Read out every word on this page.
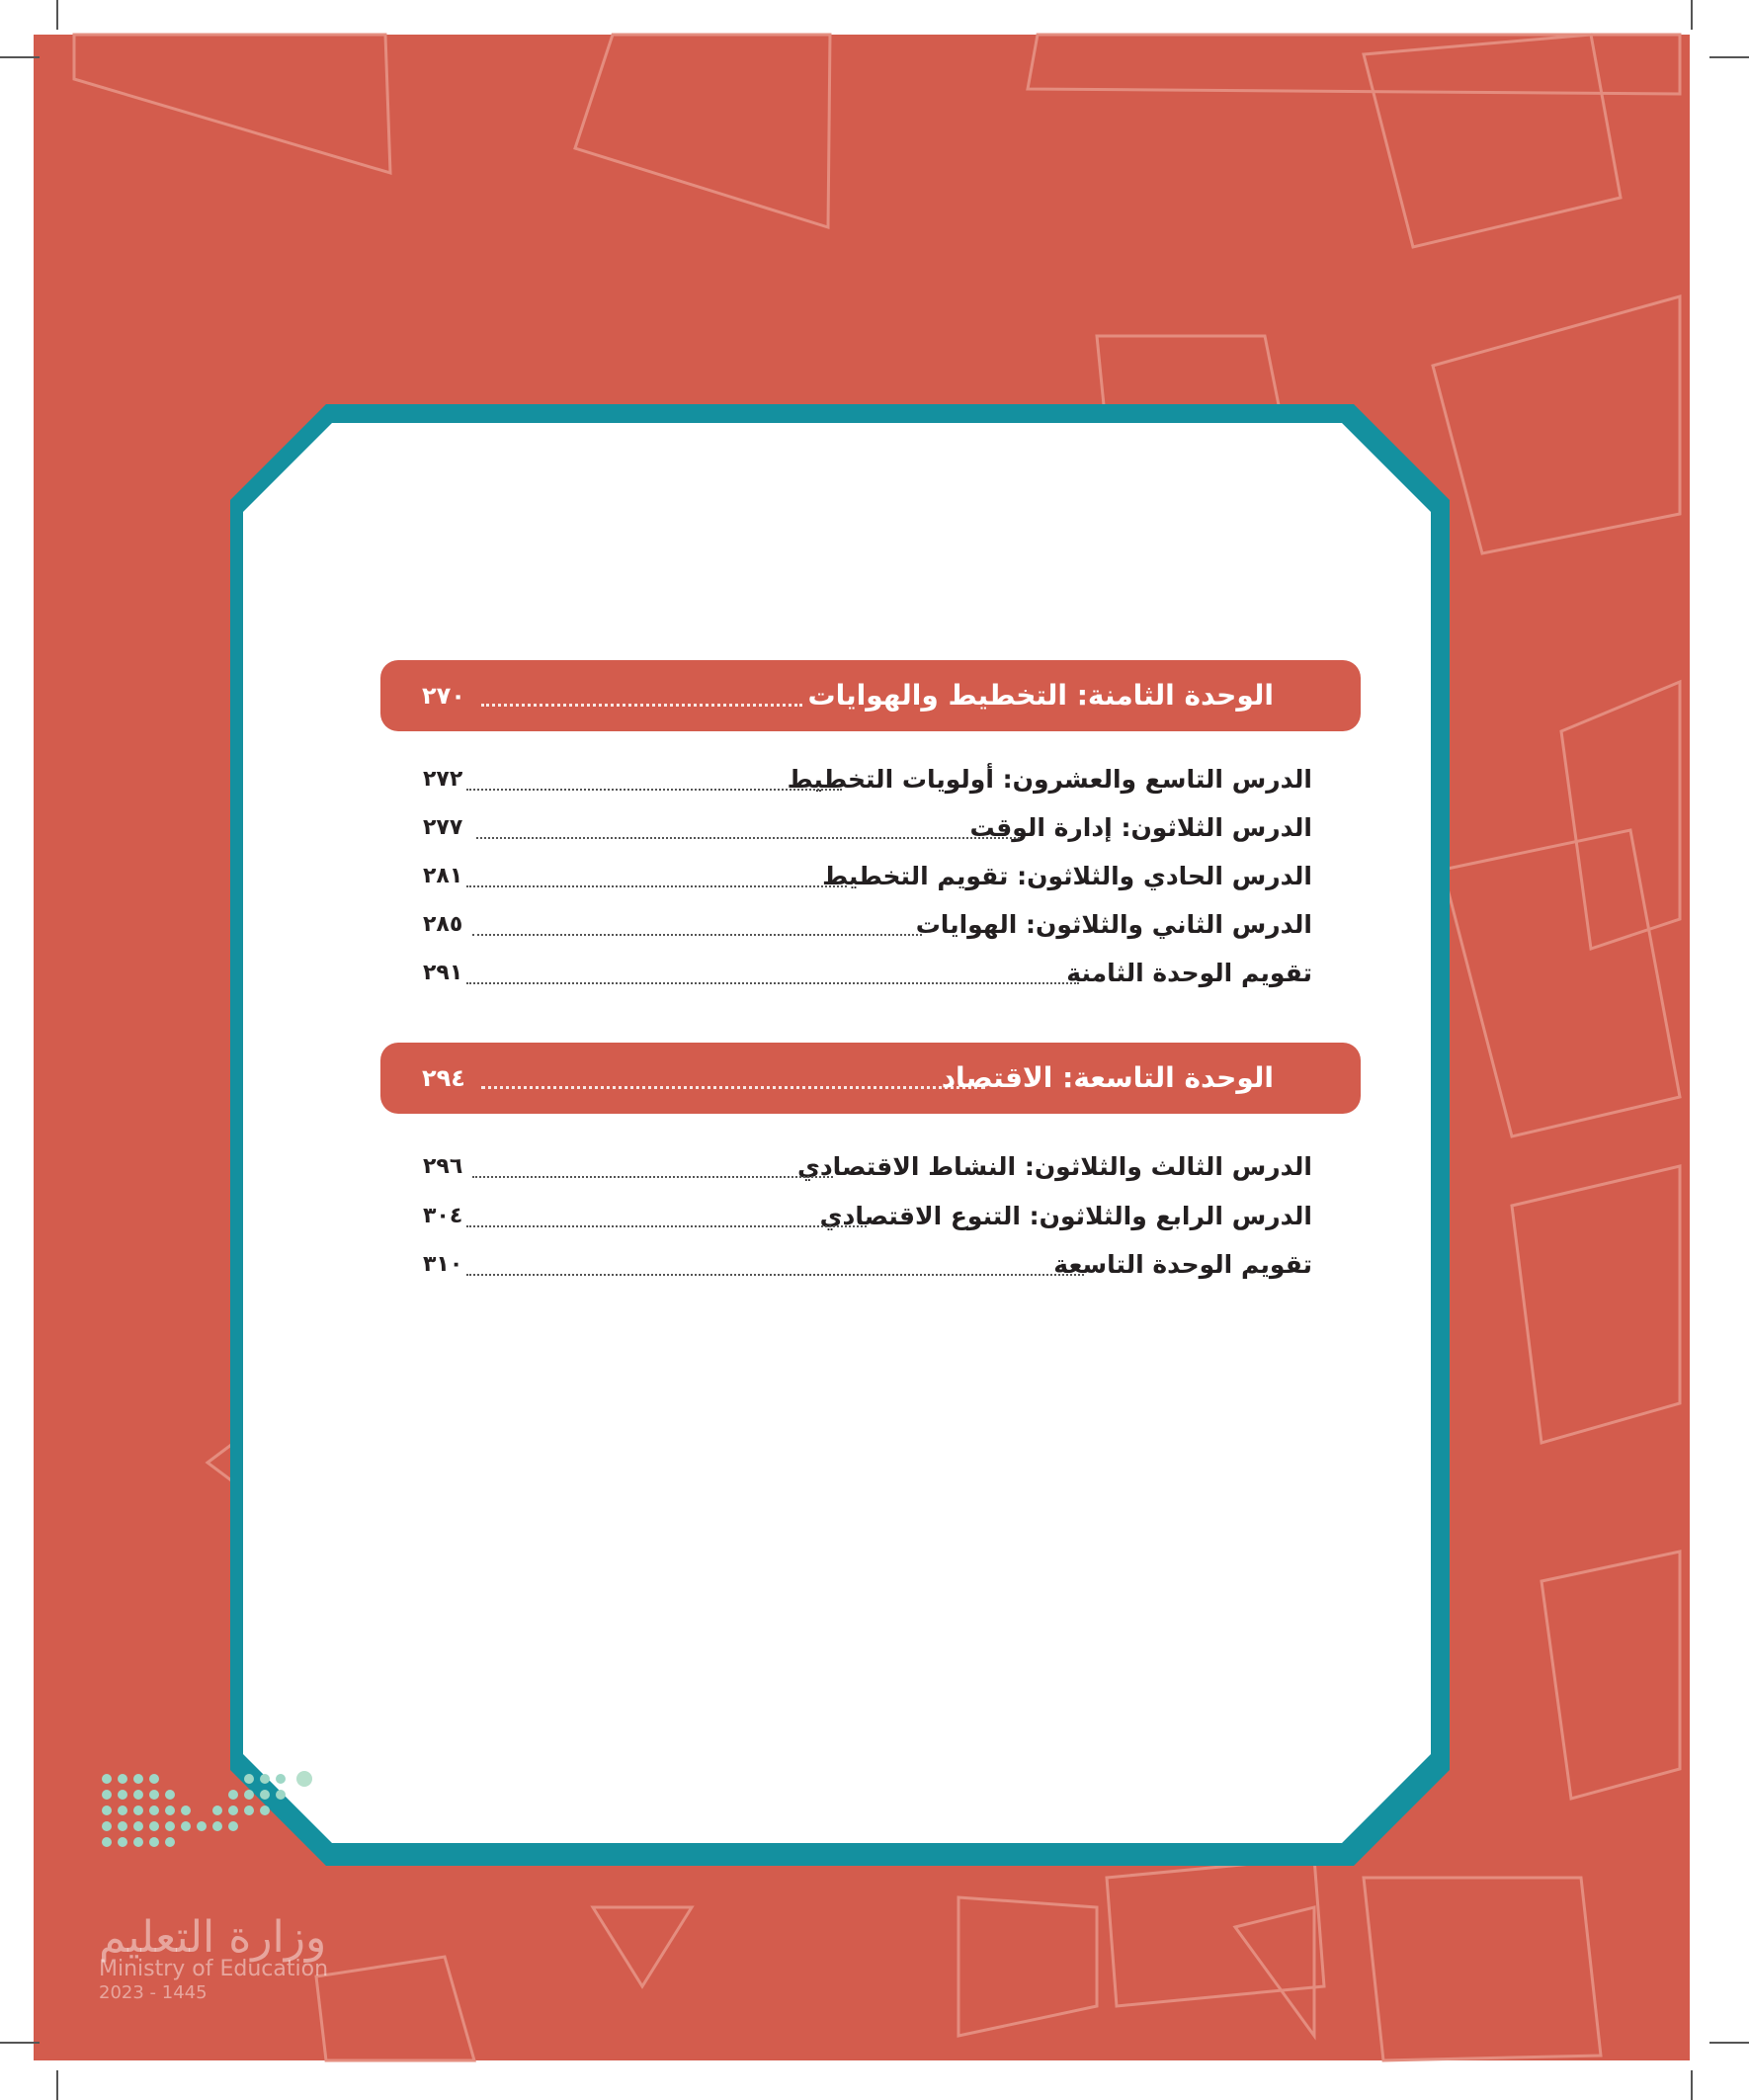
وزارة التعليم
Ministry of Education
2023 - 1445
الوحدة الثامنة: التخطيط والهوايات
٢٧٠
الدرس التاسع والعشرون: أولويات التخطيط
٢٧٢
الدرس الثلاثون: إدارة الوقت
٢٧٧
الدرس الحادي والثلاثون: تقويم التخطيط
٢٨١
الدرس الثاني والثلاثون: الهوايات
٢٨٥
تقويم الوحدة الثامنة
٢٩١
الوحدة التاسعة: الاقتصاد
٢٩٤
الدرس الثالث والثلاثون: النشاط الاقتصادي
٢٩٦
الدرس الرابع والثلاثون: التنوع الاقتصادي
٣٠٤
تقويم الوحدة التاسعة
٣١٠
